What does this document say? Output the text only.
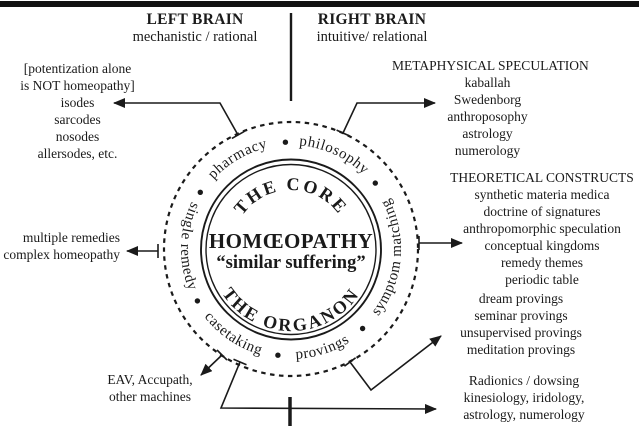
LEFT BRAIN
mechanistic / rational
RIGHT BRAIN
intuitive/ relational
THE CORE
HOMŒOPATHY
“similar suffering”
THE ORGANON
pharmacy philosophy
symptom matching
provings
casetaking
single remedy
[potentization alone
is NOT homeopathy]
isodes
sarcodes
nosodes
allersodes, etc.
METAPHYSICAL SPECULATION
kaballah
Swedenborg
anthroposophy
astrology
numerology
THEORETICAL CONSTRUCTS
synthetic materia medica
doctrine of signatures
anthropomorphic speculation
conceptual kingdoms
remedy themes
periodic table
multiple remedies
complex homeopathy
dream provings
seminar provings
unsupervised provings
meditation provings
EAV, Accupath,
other machines
Radionics / dowsing
kinesiology, iridology,
astrology, numerology
